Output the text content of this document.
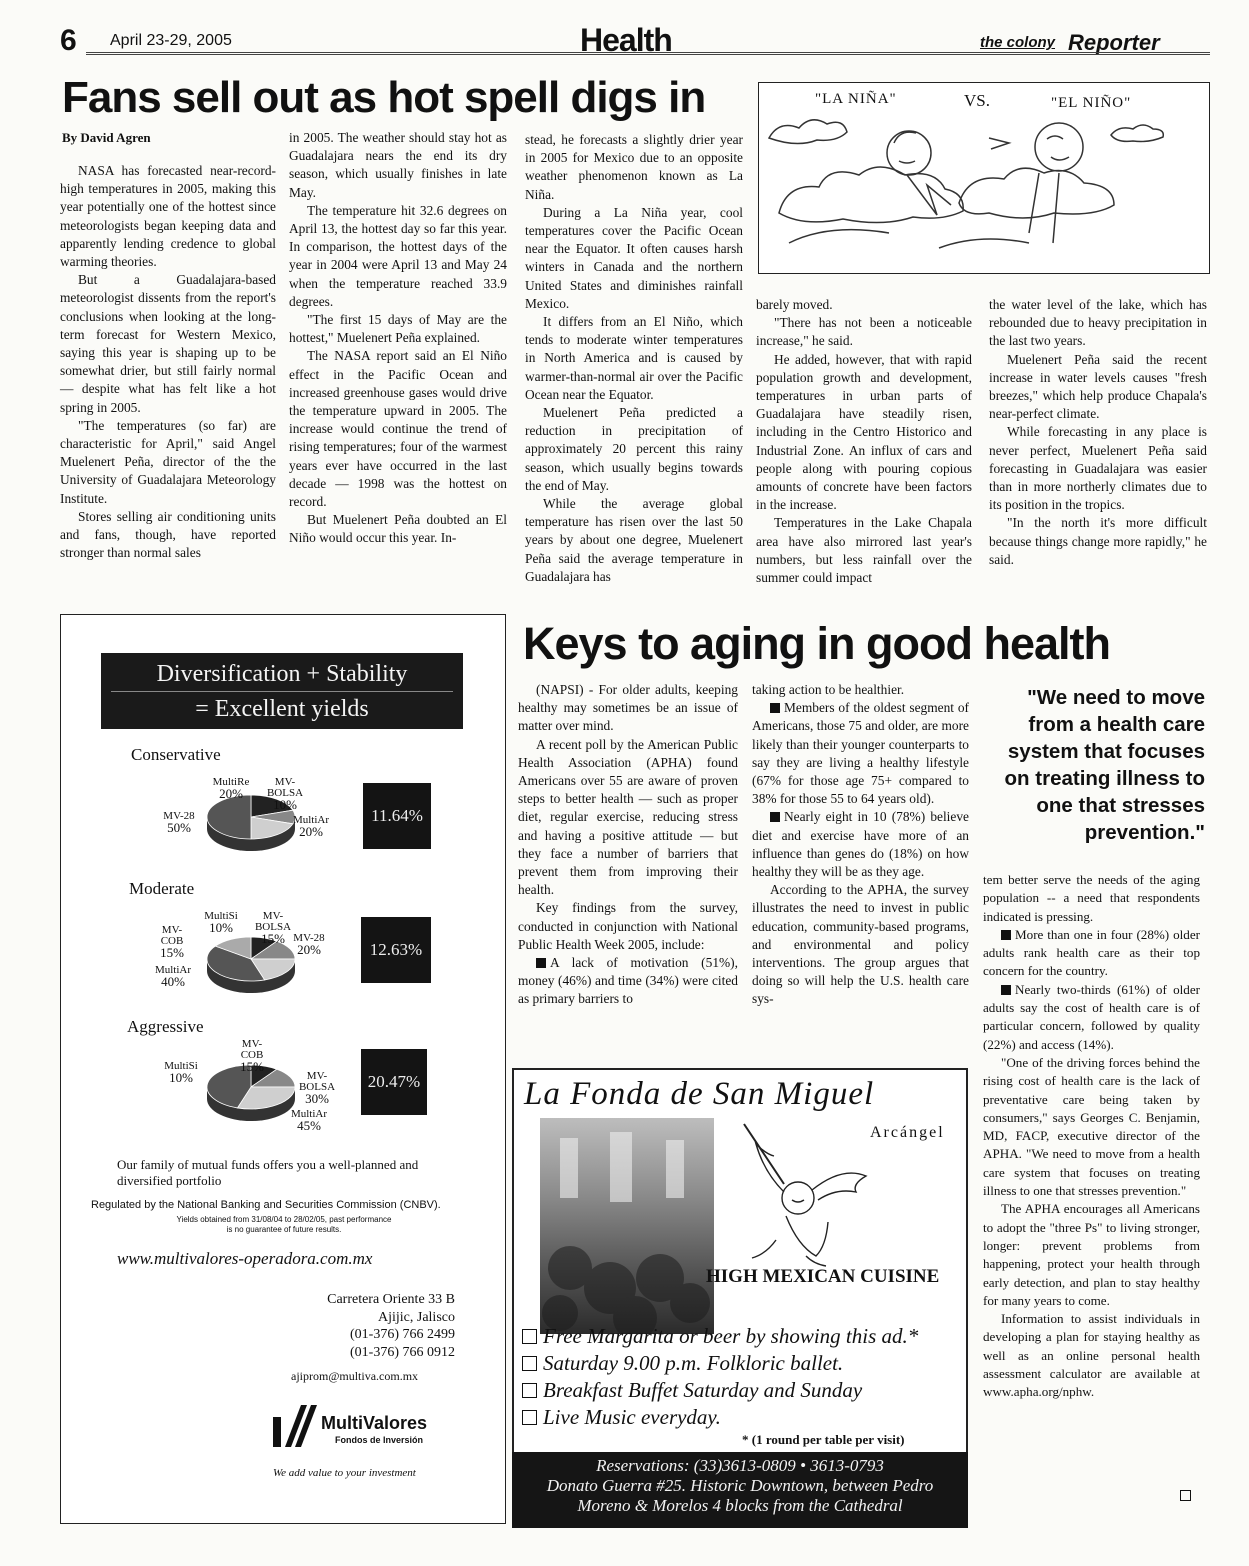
6 April 23-29, 2005	Health	the colony Reporter
Fans sell out as hot spell digs in
By David Agren

NASA has forecasted near-record-high temperatures in 2005, making this year potentially one of the hottest since meteorologists began keeping data and apparently lending credence to global warming theories.

But a Guadalajara-based meteorologist dissents from the report's conclusions when looking at the long-term forecast for Western Mexico, saying this year is shaping up to be somewhat drier, but still fairly normal — despite what has felt like a hot spring in 2005.

"The temperatures (so far) are characteristic for April," said Angel Muelenert Peña, director of the the University of Guadalajara Meteorology Institute.

Stores selling air conditioning units and fans, though, have reported stronger than normal sales

in 2005. The weather should stay hot as Guadalajara nears the end its dry season, which usually finishes in late May.

The temperature hit 32.6 degrees on April 13, the hottest day so far this year. In comparison, the hottest days of the year in 2004 were April 13 and May 24 when the temperature reached 33.9 degrees.

"The first 15 days of May are the hottest," Muelenert Peña explained.

The NASA report said an El Niño effect in the Pacific Ocean and increased greenhouse gases would drive the temperature upward in 2005. The increase would continue the trend of rising temperatures; four of the warmest years ever have occurred in the last decade — 1998 was the hottest on record.

But Muelenert Peña doubted an El Niño would occur this year. In-

stead, he forecasts a slightly drier year in 2005 for Mexico due to an opposite weather phenomenon known as La Niña.

During a La Niña year, cool temperatures cover the Pacific Ocean near the Equator. It often causes harsh winters in Canada and the northern United States and diminishes rainfall Mexico.

It differs from an El Niño, which tends to moderate winter temperatures in North America and is caused by warmer-than-normal air over the Pacific Ocean near the Equator.

Muelenert Peña predicted a reduction in precipitation of approximately 20 percent this rainy season, which usually begins towards the end of May.

While the average global temperature has risen over the last 50 years by about one degree, Muelenert Peña said the average temperature in Guadalajara has

barely moved.

"There has not been a noticeable increase," he said.

He added, however, that with rapid population growth and development, temperatures in urban parts of Guadalajara have steadily risen, including in the Centro Historico and Industrial Zone. An influx of cars and people along with pouring copious amounts of concrete have been factors in the increase.

Temperatures in the Lake Chapala area have also mirrored last year's numbers, but less rainfall over the summer could impact

the water level of the lake, which has rebounded due to heavy precipitation in the last two years.

Muelenert Peña said the recent increase in water levels causes "fresh breezes," which help produce Chapala's near-perfect climate.

While forecasting in any place is never perfect, Muelenert Peña said forecasting in Guadalajara was easier than in more northerly climates due to its position in the tropics.

"In the north it's more difficult because things change more rapidly," he said.

"LA NIÑA"	VS.	"EL NIÑO"
Diversification + Stability
= Excellent yields
Conservative
MultiRe
20%
MV-BOLSA
10%
MultiAr
20%
MV-28
50%
11.64%
Moderate
MultiSi
10%
MV-BOLSA
15% MV-28
20%
MultiAr
40%
MV-COB
15%	12.63%
Aggressive
MultiSi
10%
MV-COB
15%
MV-BOLSA
30%
MultiAr
45%
20.47%
Our family of mutual funds offers you a well-planned and
diversified portfolio
Regulated by the National Banking and Securities Commission (CNBV).
Yields obtained from 31/08/04 to 28/02/05, past performance
is no guarantee of future results.
www.multivalores-operadora.com.mx
Carretera Oriente 33 B
Ajijic, Jalisco
(01-376) 766 2499
(01-376) 766 0912
ajiprom@multiva.com.mx
MultiValores
Fondos de Inversión
We add value to your investment
Keys to aging in good health

(NAPSI) - For older adults, keeping healthy may sometimes be an issue of matter over mind.

A recent poll by the American Public Health Association (APHA) found Americans over 55 are aware of proven steps to better health — such as proper diet, regular exercise, reducing stress and having a positive attitude — but they face a number of barriers that prevent them from improving their health.

Key findings from the survey, conducted in conjunction with National Public Health Week 2005, include:

A lack of motivation (51%), money (46%) and time (34%) were cited as primary barriers to

taking action to be healthier.

Members of the oldest segment of Americans, those 75 and older, are more likely than their younger counterparts to say they are living a healthy lifestyle (67% for those age 75+ compared to 38% for those 55 to 64 years old).

Nearly eight in 10 (78%) believe diet and exercise have more of an influence than genes do (18%) on how healthy they will be as they age.

According to the APHA, the survey illustrates the need to invest in public education, community-based programs, and environmental and policy interventions. The group argues that doing so will help the U.S. health care sys-

"We need to move from a health care system that focuses on treating illness to one that stresses prevention."

tem better serve the needs of the aging population -- a need that respondents indicated is pressing.

More than one in four (28%) older adults rank health care as their top concern for the country.

Nearly two-thirds (61%) of older adults say the cost of health care is of particular concern, followed by quality (22%) and access (14%).

"One of the driving forces behind the rising cost of health care is the lack of preventative care being taken by consumers," says Georges C. Benjamin, MD, FACP, executive director of the APHA. "We need to move from a health care system that focuses on treating illness to one that stresses prevention."

The APHA encourages all Americans to adopt the "three Ps" to living stronger, longer: prevent problems from happening, protect your health through early detection, and plan to stay healthy for many years to come.

Information to assist individuals in developing a plan for staying healthy as well as an online personal health assessment calculator are available at www.apha.org/nphw.

La Fonda de San Miguel
Arcángel
HIGH MEXICAN CUISINE
Free Margarita or beer by showing this ad.*
Saturday 9.00 p.m. Folkloric ballet.
Breakfast Buffet Saturday and Sunday
Live Music everyday.
* (1 round per table per visit)
Reservations: (33)3613-0809 • 3613-0793
Donato Guerra #25. Historic Downtown, between Pedro
Moreno & Morelos 4 blocks from the Cathedral
